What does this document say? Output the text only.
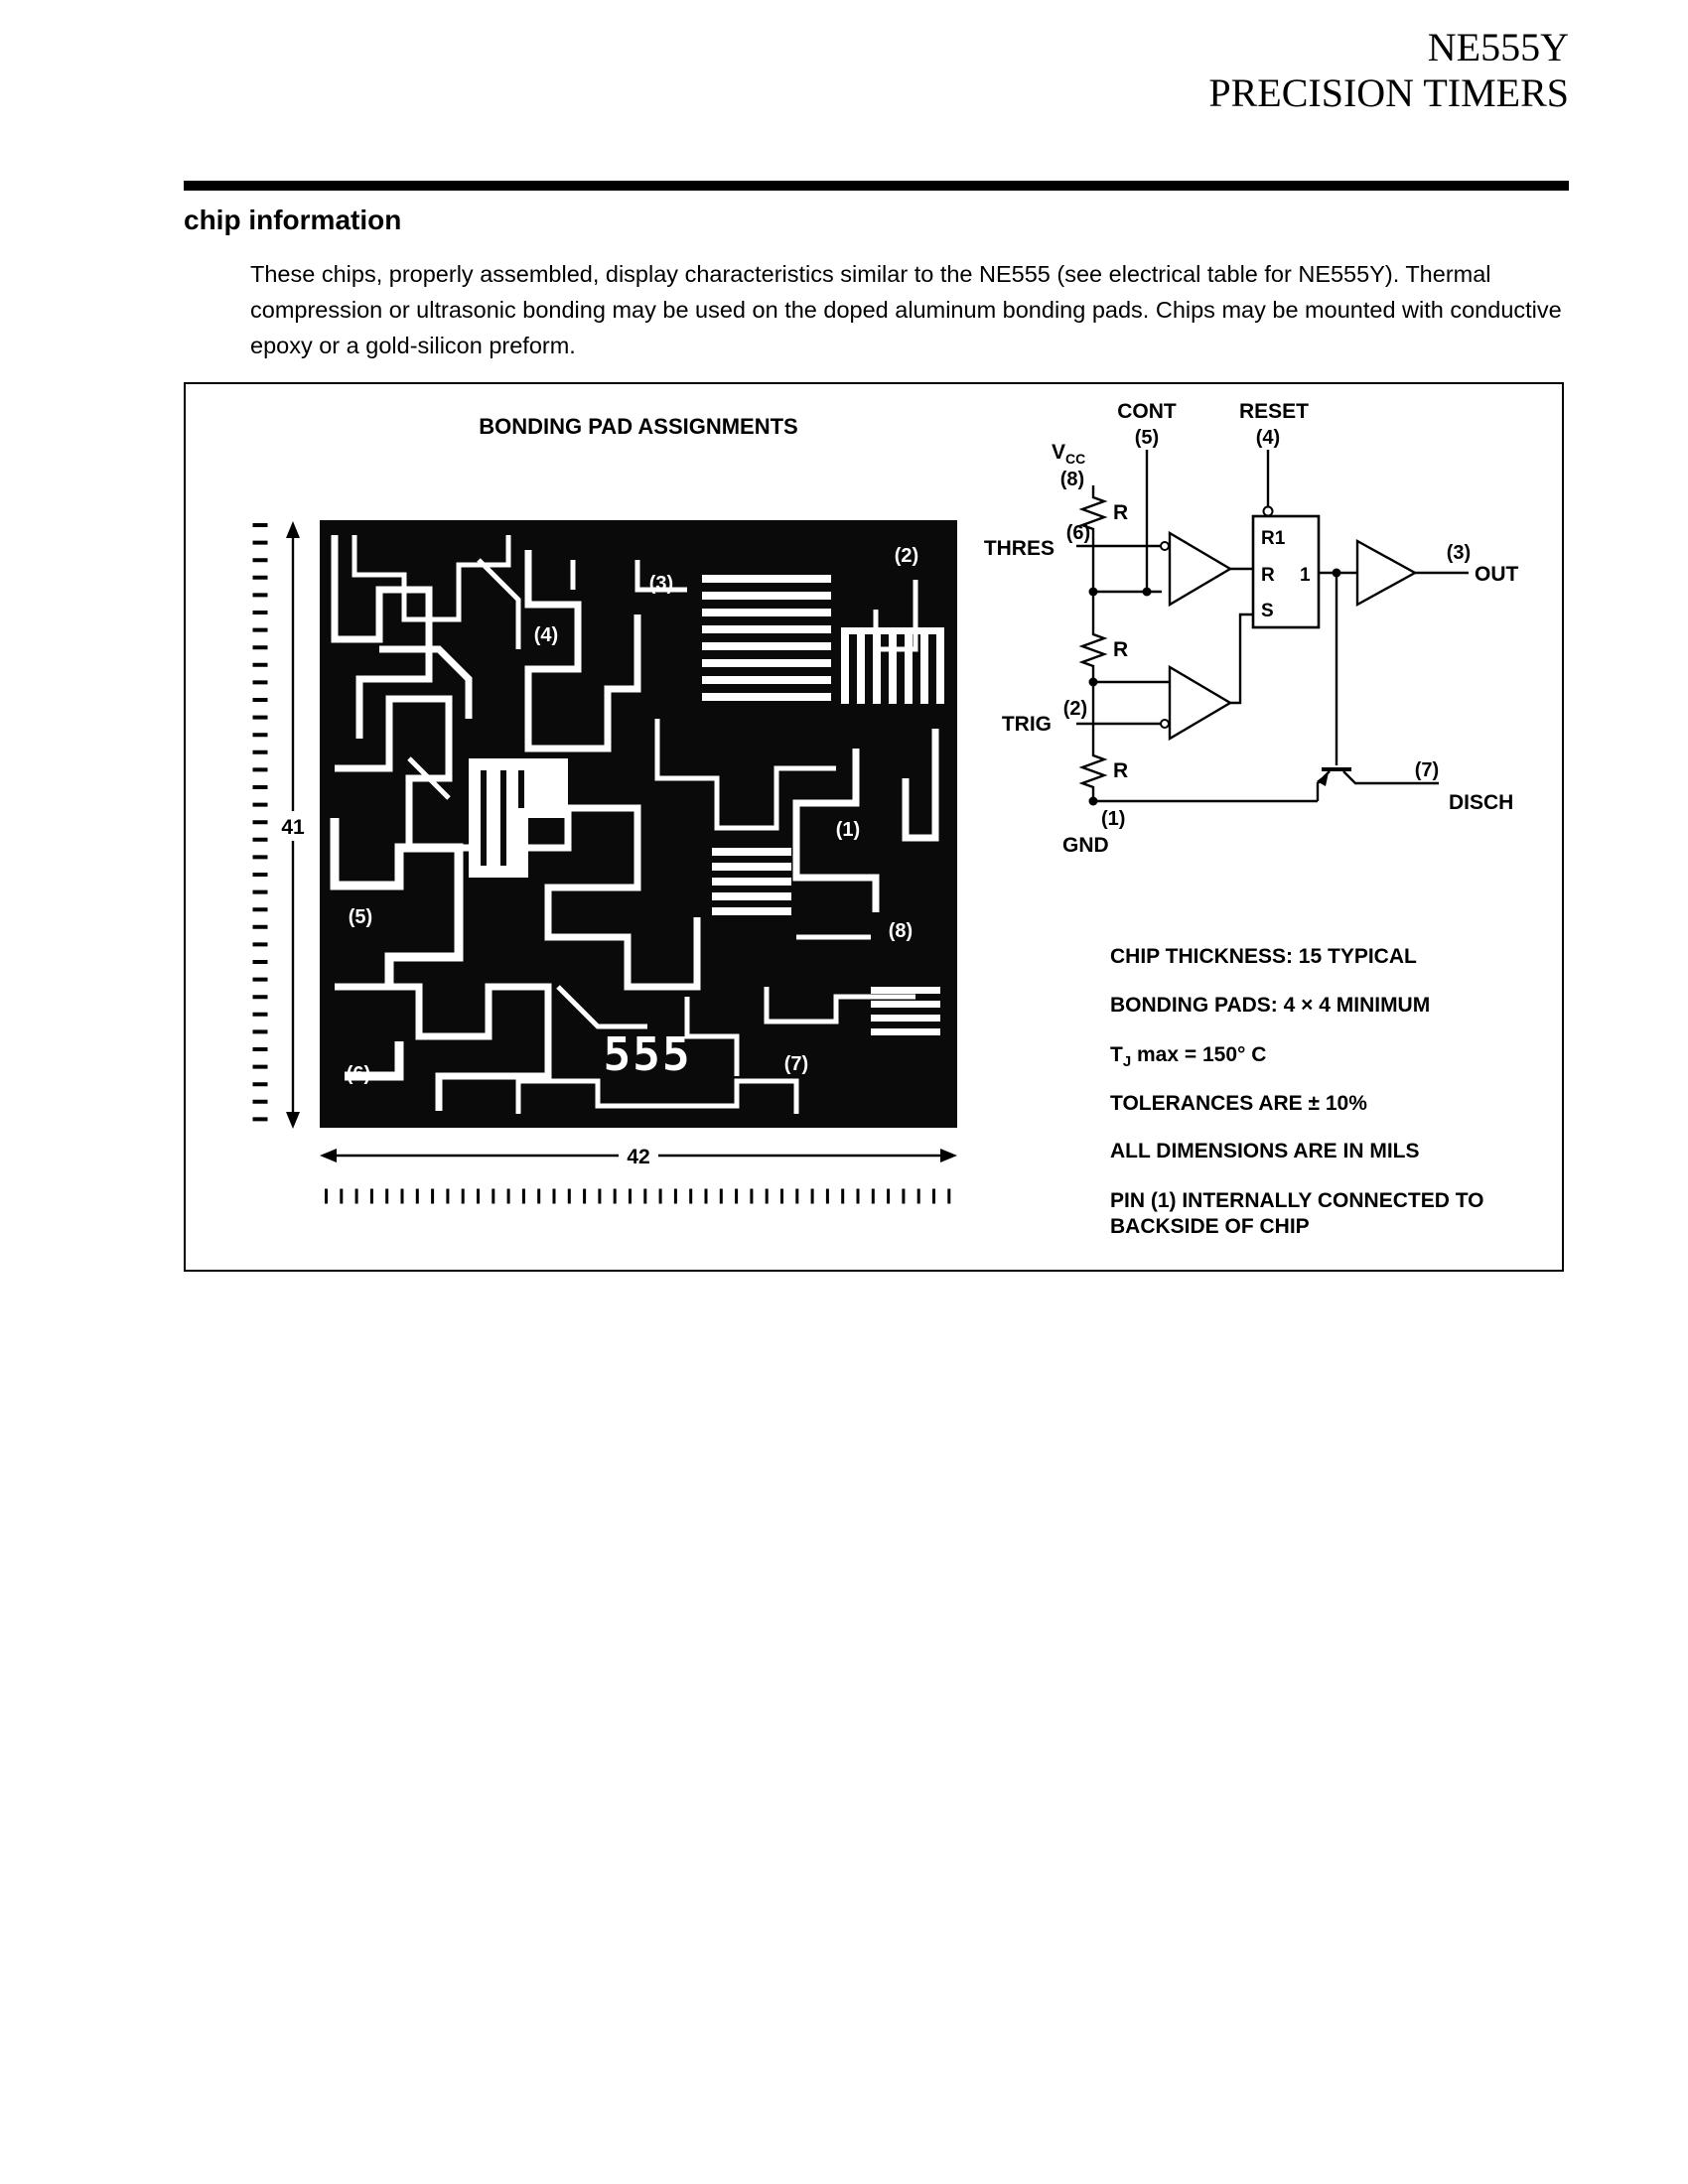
NE555Y
PRECISION TIMERS
chip information
These chips, properly assembled, display characteristics similar to the NE555 (see electrical table for NE555Y). Thermal compression or ultrasonic bonding may be used on the doped aluminum bonding pads. Chips may be mounted with conductive epoxy or a gold-silicon preform.
BONDING PAD ASSIGNMENTS
(2)
(3)
(4)
(1)
(5)
(8)
(6)	(7)
555
41
42
CONT
(5)
RESET
(4)
$V_{CC}$
(8)
THRES
(6)
TRIG
(2)
(1)
GND
R
R
R
R1
R
S
1
(3)
OUT
(7)
DISCH
CHIP THICKNESS: 15 TYPICAL
BONDING PADS: 4 × 4 MINIMUM
$T_J$ max = 150° C
TOLERANCES ARE ± 10%
ALL DIMENSIONS ARE IN MILS
PIN (1) INTERNALLY CONNECTED TO BACKSIDE OF CHIP
